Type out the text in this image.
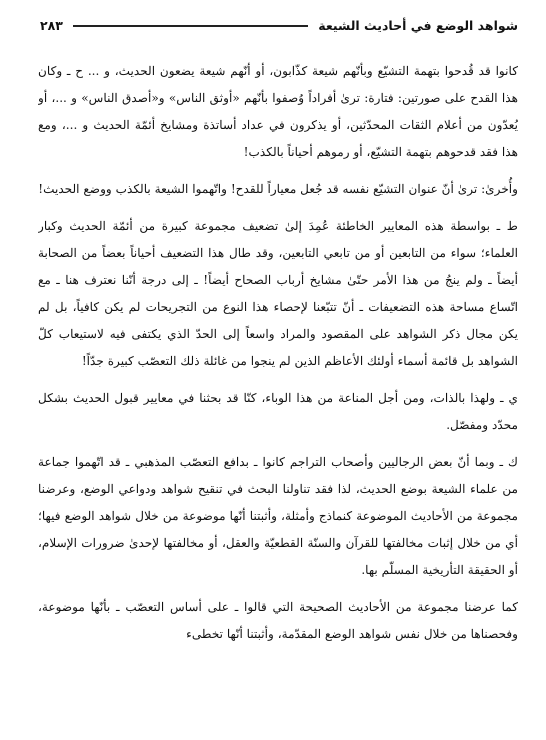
شواهد الوضع في أحاديث الشيعة
٢٨٣

كانوا قد قُدحوا بتهمة التشيّع وبأنّهم شيعة كذّابون، أو أنّهم شيعة يضعون الحديث، و ... ح ـ وكان هذا القدح على صورتين: فتارة: ترىٰ أفراداً وُصفوا بأنّهم «أوثق الناس» و«أصدق الناس» و ...، أو يُعدّون من أعلام الثقات المحدّثين، أو يذكرون في عداد أساتذة ومشايخ أئمّة الحديث و ...، ومع هذا فقد قدحوهم بتهمة التشيّع، أو رموهم أحياناً بالكذب!

وأُخرىٰ: ترىٰ أنّ عنوان التشيّع نفسه قد جُعل معياراً للقدح! واتّهموا الشيعة بالكذب ووضع الحديث!

ط ـ بواسطة هذه المعايير الخاطئة عُمِدَ إلىٰ تضعيف مجموعة كبيرة من أئمّة الحديث وكبار العلماء؛ سواء من التابعين أو من تابعي التابعين، وقد طال هذا التضعيف أحياناً بعضاً من الصحابة أيضاً ـ ولم ينجُ من هذا الأمر حتّىٰ مشايخ أرباب الصحاح أيضاً! ـ إلى درجة أنّنا نعترف هنا ـ مع اتّساع مساحة هذه التضعيفات ـ أنّ تتبّعنا لإحصاء هذا النوع من التجريحات لم يكن كافياً، بل لم يكن مجال ذكر الشواهد على المقصود والمراد واسعاً إلى الحدّ الذي يكتفى فيه لاستيعاب كلّ الشواهد بل قائمة أسماء أولئك الأعاظم الذين لم ينجوا من غائلة ذلك التعصّب كبيرة جدّاً!

ي ـ ولهذا بالذات، ومن أجل المناعة من هذا الوباء، كنّا قد بحثنا في معايير قبول الحديث بشكل محدّد ومفصّل.

ك ـ وبما أنّ بعض الرجاليين وأصحاب التراجم كانوا ـ بدافع التعصّب المذهبي ـ قد اتّهموا جماعة من علماء الشيعة بوضع الحديث، لذا فقد تناولنا البحث في تنقيح شواهد ودواعي الوضع، وعرضنا مجموعة من الأحاديث الموضوعة كنماذج وأمثلة، وأثبتنا أنّها موضوعة من خلال شواهد الوضع فيها؛ أي من خلال إثبات مخالفتها للقرآن والسنّة القطعيّة والعقل، أو مخالفتها لإحدىٰ ضرورات الإسلام، أو الحقيقة التأريخية المسلّم بها.

كما عرضنا مجموعة من الأحاديث الصحيحة التي قالوا ـ على أساس التعصّب ـ بأنّها موضوعة، وفحصناها من خلال نفس شواهد الوضع المقدّمة، وأثبتنا أنّها تخطىء
